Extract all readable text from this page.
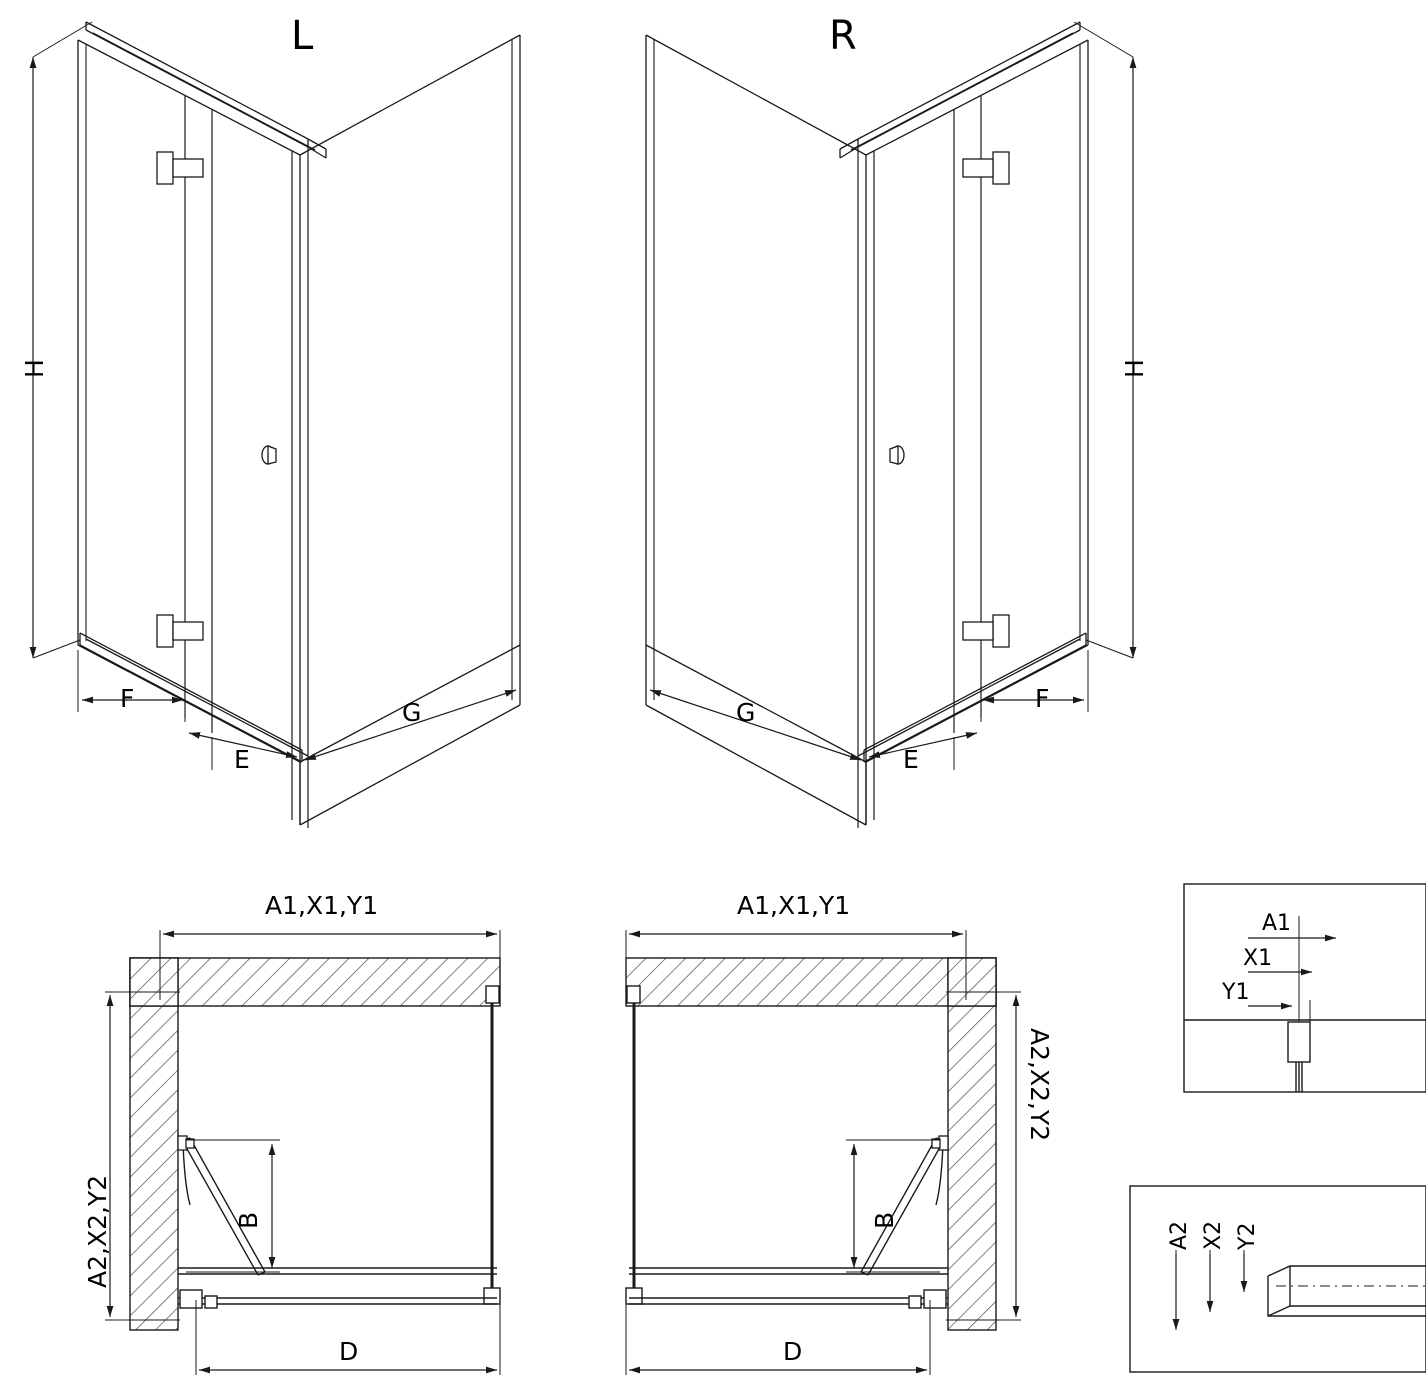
L	R
H	H
F
E
G	G
E
F
A1,X1,Y1
A2,X2,Y2	B
D
A1,X1,Y1
A2,X2,Y2
B
D
A1
X1
Y1
A2 X2 Y2
